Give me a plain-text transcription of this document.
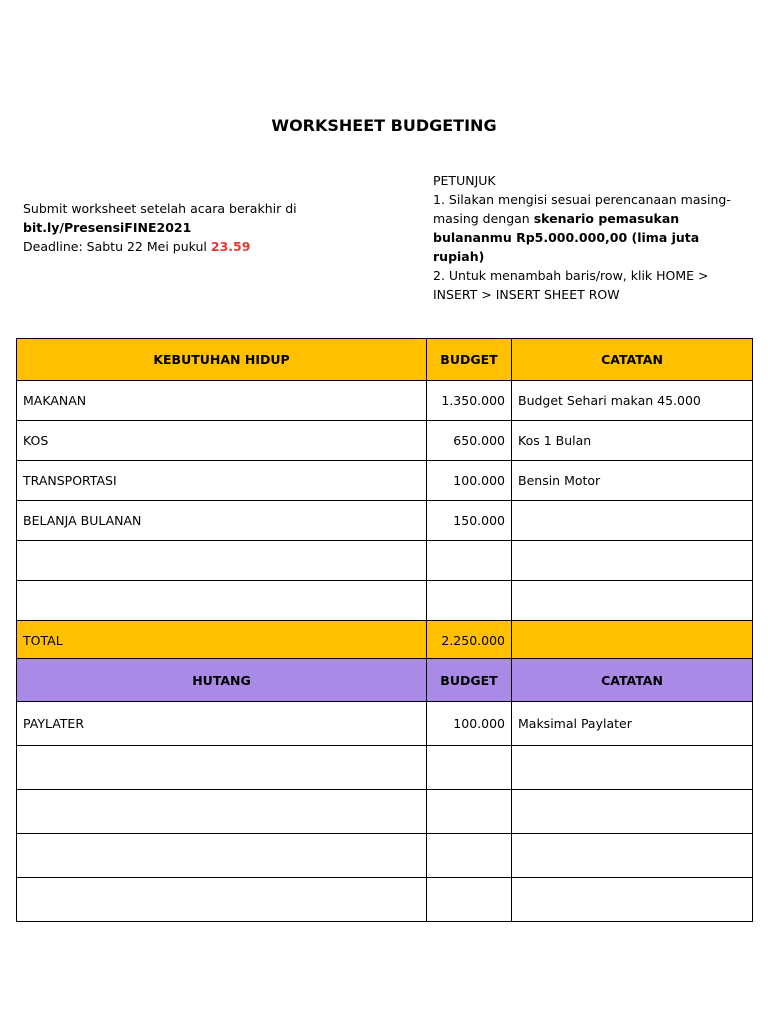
WORKSHEET BUDGETING
Submit worksheet setelah acara berakhir di
bit.ly/PresensiFINE2021
Deadline: Sabtu 22 Mei pukul 23.59
PETUNJUK
1. Silakan mengisi sesuai perencanaan masing-masing dengan skenario pemasukan bulananmu Rp5.000.000,00 (lima juta rupiah)
2. Untuk menambah baris/row, klik HOME > INSERT > INSERT SHEET ROW
KEBUTUHAN HIDUP	BUDGET	CATATAN
MAKANAN	1.350.000	Budget Sehari makan 45.000
KOS	650.000	Kos 1 Bulan
TRANSPORTASI	100.000	Bensin Motor
BELANJA BULANAN	150.000	

TOTAL	2.250.000	
HUTANG	BUDGET	CATATAN
PAYLATER	100.000	Maksimal Paylater
